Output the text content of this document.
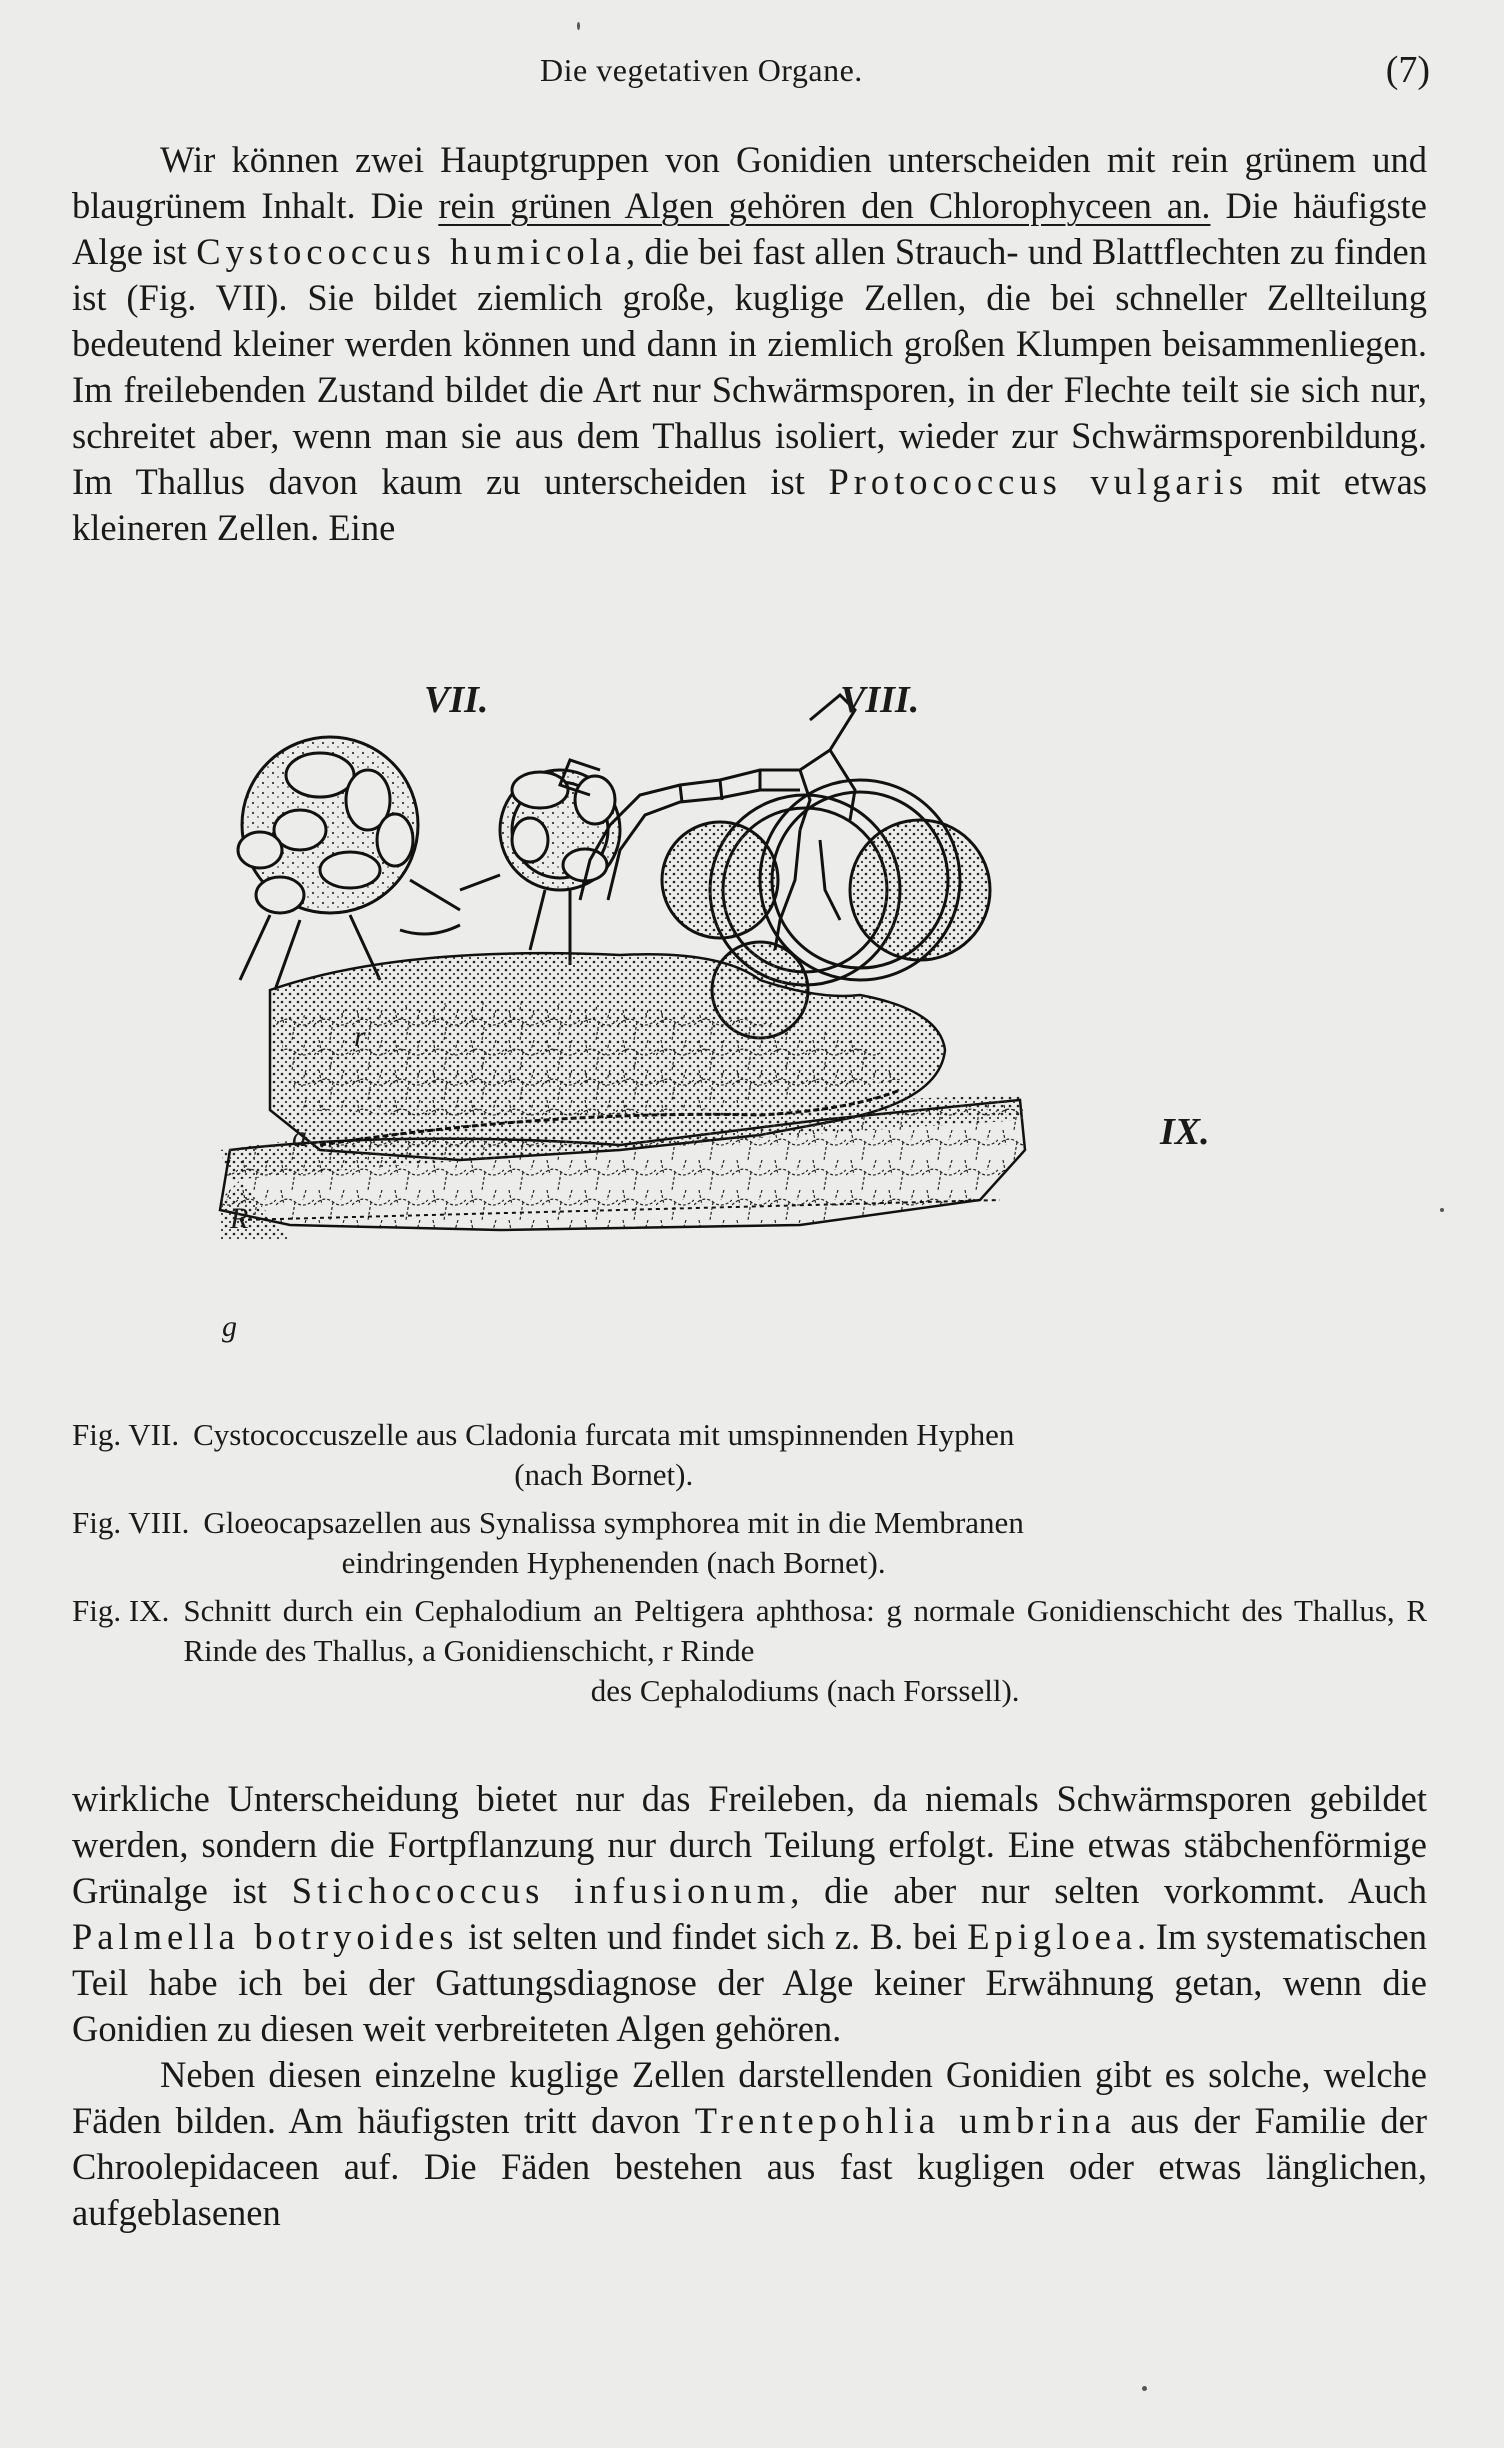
Die vegetativen Organe.	(7)

Wir können zwei Hauptgruppen von Gonidien unterscheiden mit rein grünem und blaugrünem Inhalt. Die rein grünen Algen gehören den Chlorophyceen an. Die häufigste Alge ist Cystococcus humicola, die bei fast allen Strauch- und Blattflechten zu finden ist (Fig. VII). Sie bildet ziemlich große, kuglige Zellen, die bei schneller Zellteilung bedeutend kleiner werden können und dann in ziemlich großen Klumpen beisammenliegen. Im freilebenden Zustand bildet die Art nur Schwärmsporen, in der Flechte teilt sie sich nur, schreitet aber, wenn man sie aus dem Thallus isoliert, wieder zur Schwärmsporenbildung. Im Thallus davon kaum zu unterscheiden ist Protococcus vulgaris mit etwas kleineren Zellen. Eine

VII.	VIII.
IX.
r
a
R
g
Fig. VII. Cystococcuszelle aus Cladonia furcata mit umspinnenden Hyphen
(nach Bornet).
Fig. VIII. Gloeocapsazellen aus Synalissa symphorea mit in die Membranen
eindringenden Hyphenenden (nach Bornet).
Fig. IX. Schnitt durch ein Cephalodium an Peltigera aphthosa: g normale Gonidienschicht des Thallus, R Rinde des Thallus, a Gonidienschicht, r Rinde
des Cephalodiums (nach Forssell).

wirkliche Unterscheidung bietet nur das Freileben, da niemals Schwärmsporen gebildet werden, sondern die Fortpflanzung nur durch Teilung erfolgt. Eine etwas stäbchenförmige Grünalge ist Stichococcus infusionum, die aber nur selten vorkommt. Auch Palmella botryoides ist selten und findet sich z. B. bei Epigloea. Im systematischen Teil habe ich bei der Gattungsdiagnose der Alge keiner Erwähnung getan, wenn die Gonidien zu diesen weit verbreiteten Algen gehören.

Neben diesen einzelne kuglige Zellen darstellenden Gonidien gibt es solche, welche Fäden bilden. Am häufigsten tritt davon Trentepohlia umbrina aus der Familie der Chroolepidaceen auf. Die Fäden bestehen aus fast kugligen oder etwas länglichen, aufgeblasenen
